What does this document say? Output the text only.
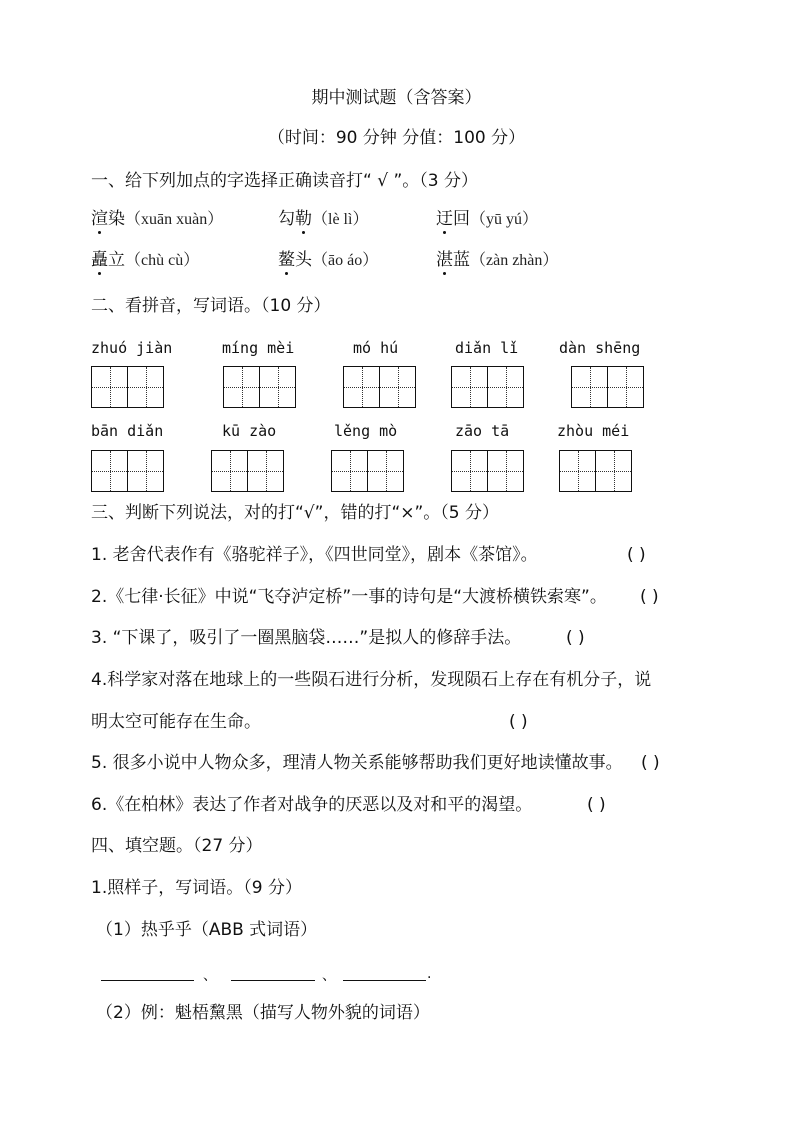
期中测试题（含答案）
（时间：90 分钟 分值：100 分）
一、给下列加点的字选择正确读音打“ √ ”。（3 分）
渲染（xuān xuàn）	勾勒（lè lì）	迂回（yū yú）
矗立（chù cù）	鳌头（āo áo）	湛蓝（zàn zhàn）
二、看拼音，写词语。（10 分）
zhuó jiàn	míng mèi	mó hú	diǎn lǐ	dàn shēng
bān diǎn	kū zào	lěng mò	zāo tā	zhòu méi
三、判断下列说法，对的打“√”，错的打“×”。（5 分）
1. 老舍代表作有《骆驼祥子》，《四世同堂》，剧本《茶馆》。	( )
2.《七律·长征》中说“飞夺泸定桥”一事的诗句是“大渡桥横铁索寒”。 ( )
3. “下课了，吸引了一圈黑脑袋……”是拟人的修辞手法。	( )
4.科学家对落在地球上的一些陨石进行分析，发现陨石上存在有机分子，说
明太空可能存在生命。	( )
5. 很多小说中人物众多，理清人物关系能够帮助我们更好地读懂故事。 ( )
6.《在柏林》表达了作者对战争的厌恶以及对和平的渴望。	( )
四、填空题。（27 分）
1.照样子，写词语。（9 分）
（1）热乎乎（ABB 式词语）
、	、	.
（2）例：魁梧黧黑（描写人物外貌的词语）
